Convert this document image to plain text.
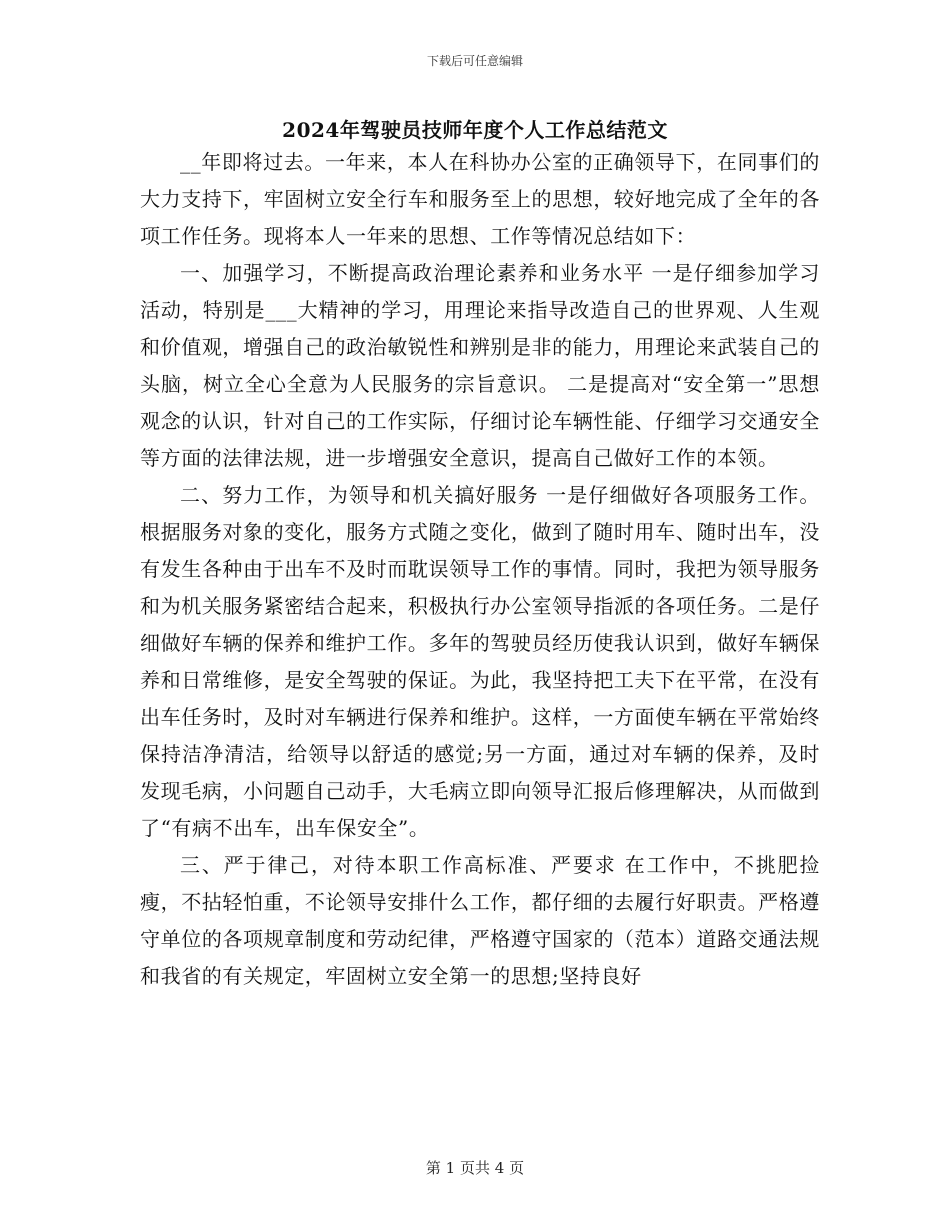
下载后可任意编辑
2024年驾驶员技师年度个人工作总结范文

__年即将过去。一年来，本人在科协办公室的正确领导下，在同事们的大力支持下，牢固树立安全行车和服务至上的思想，较好地完成了全年的各项工作任务。现将本人一年来的思想、工作等情况总结如下：

一、加强学习，不断提高政治理论素养和业务水平 一是仔细参加学习活动，特别是___大精神的学习，用理论来指导改造自己的世界观、人生观和价值观，增强自己的政治敏锐性和辨别是非的能力，用理论来武装自己的头脑，树立全心全意为人民服务的宗旨意识。 二是提高对“安全第一”思想观念的认识，针对自己的工作实际，仔细讨论车辆性能、仔细学习交通安全等方面的法律法规，进一步增强安全意识，提高自己做好工作的本领。

二、努力工作，为领导和机关搞好服务 一是仔细做好各项服务工作。根据服务对象的变化，服务方式随之变化，做到了随时用车、随时出车，没有发生各种由于出车不及时而耽误领导工作的事情。同时，我把为领导服务和为机关服务紧密结合起来，积极执行办公室领导指派的各项任务。二是仔细做好车辆的保养和维护工作。多年的驾驶员经历使我认识到，做好车辆保养和日常维修，是安全驾驶的保证。为此，我坚持把工夫下在平常，在没有出车任务时，及时对车辆进行保养和维护。这样，一方面使车辆在平常始终保持洁净清洁，给领导以舒适的感觉;另一方面，通过对车辆的保养，及时发现毛病，小问题自己动手，大毛病立即向领导汇报后修理解决，从而做到了“有病不出车，出车保安全”。

三、严于律己，对待本职工作高标准、严要求 在工作中，不挑肥捡瘦，不拈轻怕重，不论领导安排什么工作，都仔细的去履行好职责。严格遵守单位的各项规章制度和劳动纪律，严格遵守国家的（范本）道路交通法规和我省的有关规定，牢固树立安全第一的思想;坚持良好

第 1 页共 4 页
